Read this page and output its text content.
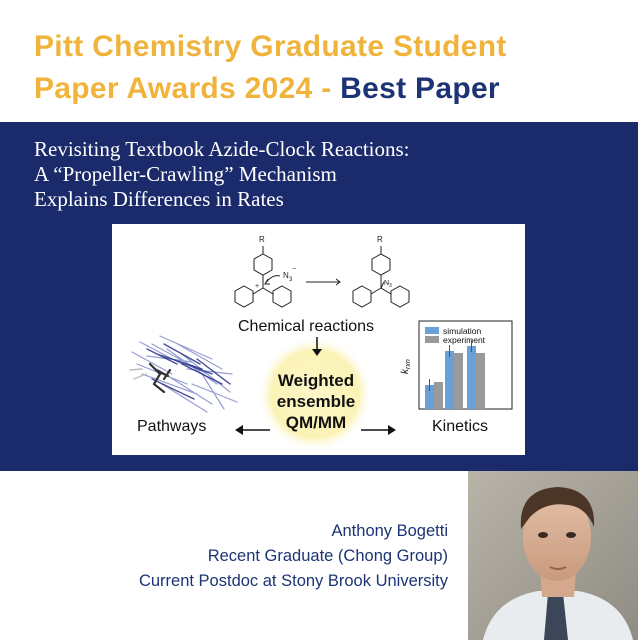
Pitt Chemistry Graduate Student
Paper Awards 2024 - Best Paper
Revisiting Textbook Azide-Clock Reactions:
A “Propeller-Crawling” Mechanism
Explains Differences in Rates
R
N 3
−
+
R
N 3
simulation
experiment
$k_{rxn}$
Chemical reactions
Weighted
ensemble
QM/MM
Pathways	Kinetics
Anthony Bogetti
Recent Graduate (Chong Group)
Current Postdoc at Stony Brook University
